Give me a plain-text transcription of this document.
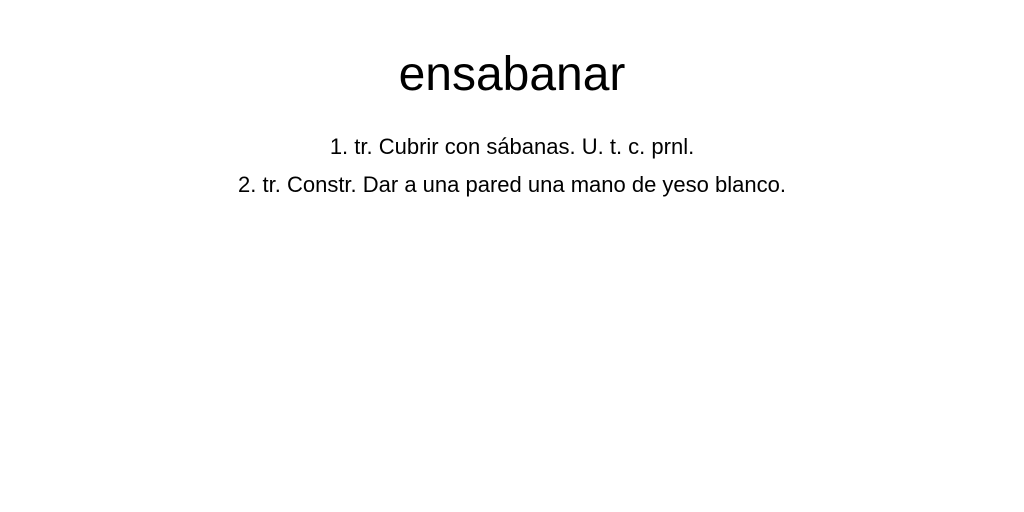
ensabanar
1. tr. Cubrir con sábanas. U. t. c. prnl.
2. tr. Constr. Dar a una pared una mano de yeso blanco.
